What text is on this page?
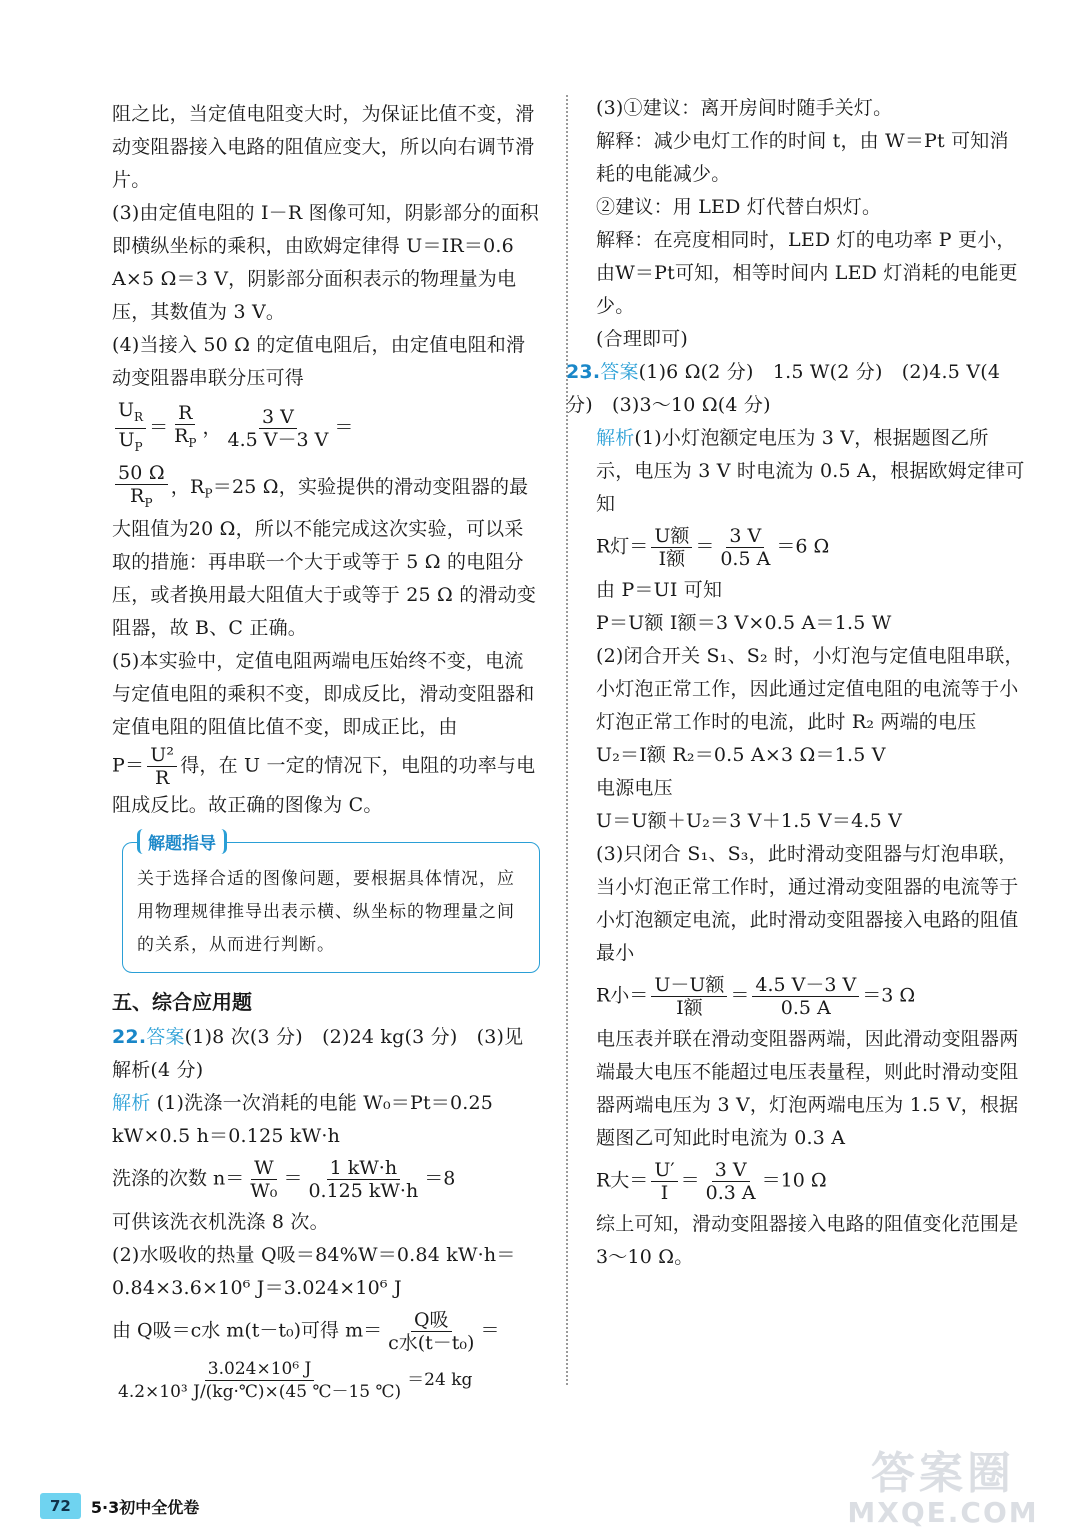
阻之比，当定值电阻变大时，为保证比值不变，滑动变阻器接入电路的阻值应变大，所以向右调节滑片。

(3)由定值电阻的 I－R 图像可知，阴影部分的面积即横纵坐标的乘积，由欧姆定律得 U＝IR＝0.6 A×5 Ω＝3 V，阴影部分面积表示的物理量为电压，其数值为 3 V。

(4)当接入 50 Ω 的定值电阻后，由定值电阻和滑动变阻器串联分压可得

$\frac{U_R}{U_P} = \frac{R}{R_P}$ ， $\frac{3 V}{4.5 V-3 V}$ ＝

$\frac{50 \Omega}{R_P}$ ，$R_P=25$ Ω，实验提供的滑动变阻器的最大阻值为20 Ω，所以不能完成这次实验，可以采取的措施：再串联一个大于或等于 5 Ω 的电阻分压，或者换用最大阻值大于或等于 25 Ω 的滑动变阻器，故 B、C 正确。

(5)本实验中，定值电阻两端电压始终不变，电流与定值电阻的乘积不变，即成反比，滑动变阻器和定值电阻的阻值比值不变，即成正比，由

$P= \frac{\text{U²}}{R}$ 得，在 U 一定的情况下，电阻的功率与电阻成反比。故正确的图像为 C。

解题指导

关于选择合适的图像问题，要根据具体情况，应用物理规律推导出表示横、纵坐标的物理量之间的关系，从而进行判断。

五、综合应用题

22.答案(1)8 次(3 分)　(2)24 kg(3 分)　(3)见解析(4 分)

解析 (1)洗涤一次消耗的电能 W₀＝Pt＝0.25 kW×0.5 h＝0.125 kW·h

洗涤的次数 $n= \frac{W}{\text{W₀}} = \frac{1 kW\cdot h}{0.125 kW\cdot h} =8$

可供该洗衣机洗涤 8 次。

(2)水吸收的热量 Q吸＝84%W＝0.84 kW·h＝0.84×3.6×10⁶ J＝3.024×10⁶ J

由 Q吸＝c水 m(t－t₀)可得 $m= \frac{\text{Q吸}}{\text{c水(t－t₀)}}$ ＝
$\frac{\text{3.024×10⁶ J}}{\text{4.2×10³ J/(kg·℃)×(45 ℃－15 ℃)}} =24$ kg

(3)①建议：离开房间时随手关灯。

解释：减少电灯工作的时间 t，由 W＝Pt 可知消耗的电能减少。

②建议：用 LED 灯代替白炽灯。

解释：在亮度相同时，LED 灯的电功率 P 更小，由W＝Pt可知，相等时间内 LED 灯消耗的电能更少。

(合理即可)

23.答案(1)6 Ω(2 分)　1.5 W(2 分)　(2)4.5 V(4 分)　(3)3～10 Ω(4 分)

解析(1)小灯泡额定电压为 3 V，根据题图乙所示，电压为 3 V 时电流为 0.5 A，根据欧姆定律可知

R灯＝ $\frac{\text{U额}}{\text{I额}} = \frac{3 V}{0.5 A} =6$ Ω

由 P＝UI 可知

P＝U额 I额＝3 V×0.5 A＝1.5 W

(2)闭合开关 S₁、S₂ 时，小灯泡与定值电阻串联，小灯泡正常工作，因此通过定值电阻的电流等于小灯泡正常工作时的电流，此时 R₂ 两端的电压

U₂＝I额 R₂＝0.5 A×3 Ω＝1.5 V

电源电压

U＝U额＋U₂＝3 V＋1.5 V＝4.5 V

(3)只闭合 S₁、S₃，此时滑动变阻器与灯泡串联，当小灯泡正常工作时，通过滑动变阻器的电流等于小灯泡额定电流，此时滑动变阻器接入电路的阻值最小

R小＝ $\frac{\text{U－U额}}{\text{I额}} = \frac{4.5 V-3 V}{0.5 A} =3$ Ω

电压表并联在滑动变阻器两端，因此滑动变阻器两端最大电压不能超过电压表量程，则此时滑动变阻器两端电压为 3 V，灯泡两端电压为 1.5 V，根据题图乙可知此时电流为 0.3 A

R大＝ $\frac{U'}{I} = \frac{3 V}{0.3 A} =10$ Ω

综上可知，滑动变阻器接入电路的阻值变化范围是 3～10 Ω。

72	5·3初中全优卷
答案圈
MXQE.COM
